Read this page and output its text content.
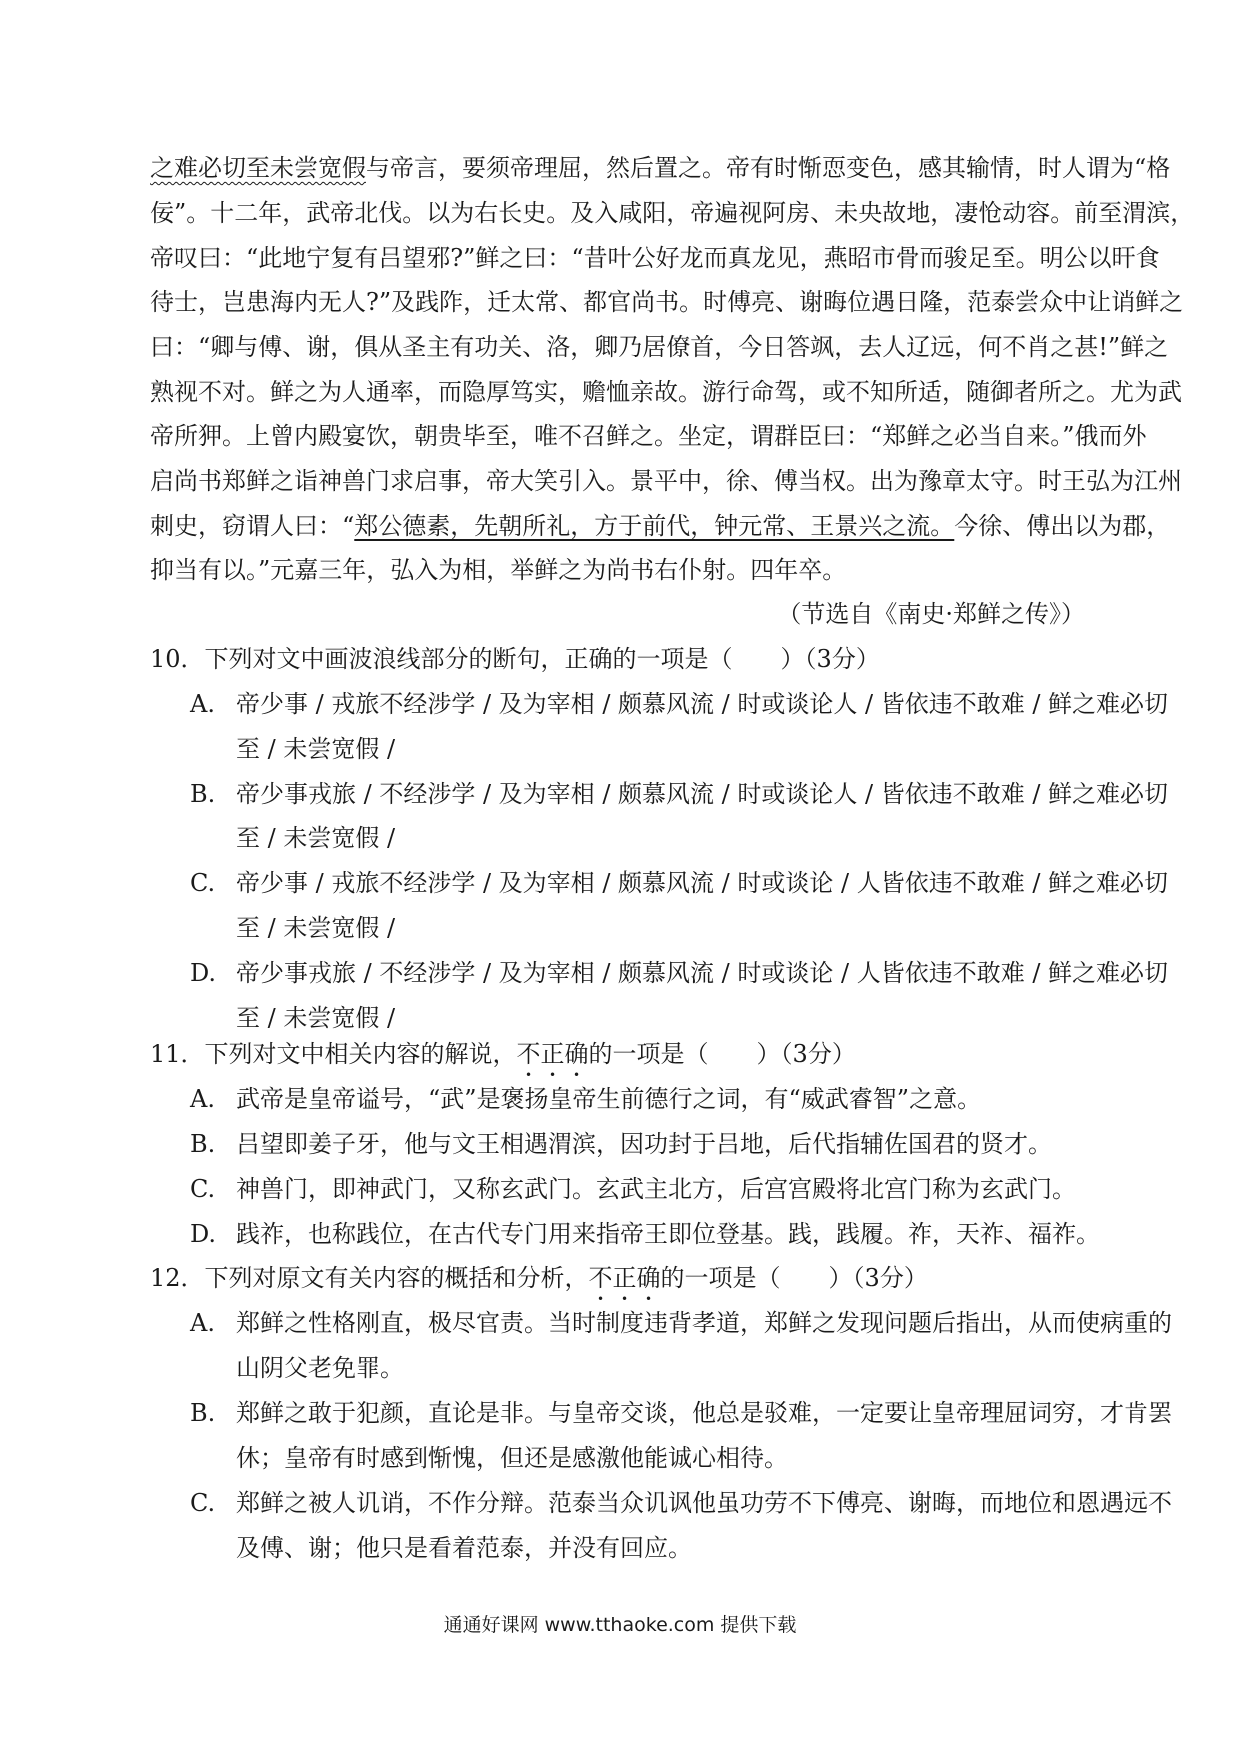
之难必切至未尝宽假与帝言，要须帝理屈，然后置之。帝有时惭恧变色，感其输情，时人谓为“格
佞”。十二年，武帝北伐。以为右长史。及入咸阳，帝遍视阿房、未央故地，凄怆动容。前至渭滨，
帝叹曰：“此地宁复有吕望邪?”鲜之曰：“昔叶公好龙而真龙见，燕昭市骨而骏足至。明公以旰食
待士，岂患海内无人?”及践阼，迁太常、都官尚书。时傅亮、谢晦位遇日隆，范泰尝众中让诮鲜之
曰：“卿与傅、谢，俱从圣主有功关、洛，卿乃居僚首，今日答飒，去人辽远，何不肖之甚!”鲜之
熟视不对。鲜之为人通率，而隐厚笃实，赡恤亲故。游行命驾，或不知所适，随御者所之。尤为武
帝所狎。上曾内殿宴饮，朝贵毕至，唯不召鲜之。坐定，谓群臣曰：“郑鲜之必当自来。”俄而外
启尚书郑鲜之诣神兽门求启事，帝大笑引入。景平中，徐、傅当权。出为豫章太守。时王弘为江州
刺史，窃谓人曰：“郑公德素，先朝所礼，方于前代，钟元常、王景兴之流。今徐、傅出以为郡，
抑当有以。”元嘉三年，弘入为相，举鲜之为尚书右仆射。四年卒。
（节选自《南史·郑鲜之传》）
10．下列对文中画波浪线部分的断句，正确的一项是（　　）（3分）
A. 帝少事 / 戎旅不经涉学 / 及为宰相 / 颇慕风流 / 时或谈论人 / 皆依违不敢难 / 鲜之难必切
至 / 未尝宽假 /
B. 帝少事戎旅 / 不经涉学 / 及为宰相 / 颇慕风流 / 时或谈论人 / 皆依违不敢难 / 鲜之难必切
至 / 未尝宽假 /
C. 帝少事 / 戎旅不经涉学 / 及为宰相 / 颇慕风流 / 时或谈论 / 人皆依违不敢难 / 鲜之难必切
至 / 未尝宽假 /
D. 帝少事戎旅 / 不经涉学 / 及为宰相 / 颇慕风流 / 时或谈论 / 人皆依违不敢难 / 鲜之难必切
至 / 未尝宽假 /
11．下列对文中相关内容的解说，不正确的一项是（　　）（3分）
A. 武帝是皇帝谥号，“武”是褒扬皇帝生前德行之词，有“威武睿智”之意。
B. 吕望即姜子牙，他与文王相遇渭滨，因功封于吕地，后代指辅佐国君的贤才。
C. 神兽门，即神武门，又称玄武门。玄武主北方，后宫宫殿将北宫门称为玄武门。
D. 践祚，也称践位，在古代专门用来指帝王即位登基。践，践履。祚，天祚、福祚。
12．下列对原文有关内容的概括和分析，不正确的一项是（　　）（3分）
A. 郑鲜之性格刚直，极尽官责。当时制度违背孝道，郑鲜之发现问题后指出，从而使病重的
山阴父老免罪。
B. 郑鲜之敢于犯颜，直论是非。与皇帝交谈，他总是驳难，一定要让皇帝理屈词穷，才肯罢
休；皇帝有时感到惭愧，但还是感激他能诚心相待。
C. 郑鲜之被人讥诮，不作分辩。范泰当众讥讽他虽功劳不下傅亮、谢晦，而地位和恩遇远不
及傅、谢；他只是看着范泰，并没有回应。
通通好课网 www.tthaoke.com 提供下载
